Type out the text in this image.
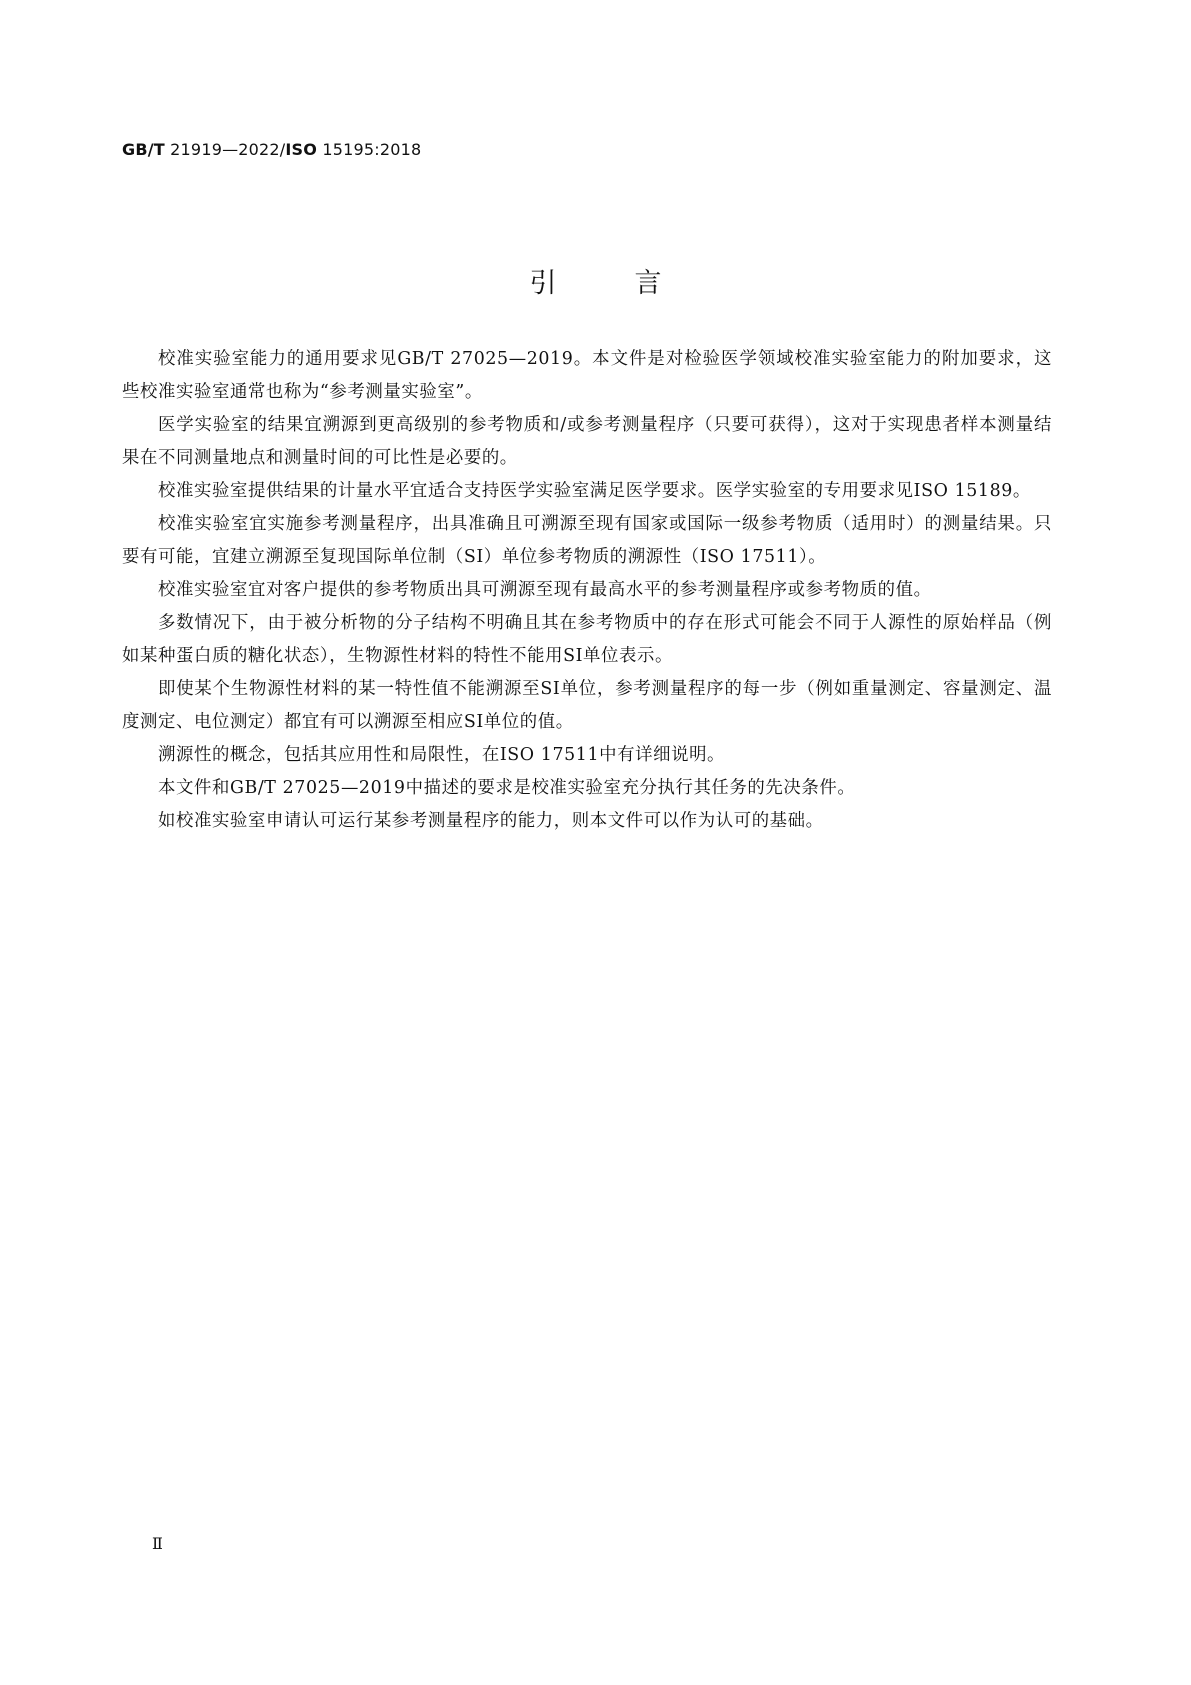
GB/T 21919—2022/ISO 15195:2018
引言

校准实验室能力的通用要求见GB/T 27025—2019。本文件是对检验医学领域校准实验室能力的附加要求，这些校准实验室通常也称为“参考测量实验室”。

医学实验室的结果宜溯源到更高级别的参考物质和/或参考测量程序（只要可获得），这对于实现患者样本测量结果在不同测量地点和测量时间的可比性是必要的。

校准实验室提供结果的计量水平宜适合支持医学实验室满足医学要求。医学实验室的专用要求见ISO 15189。

校准实验室宜实施参考测量程序，出具准确且可溯源至现有国家或国际一级参考物质（适用时）的测量结果。只要有可能，宜建立溯源至复现国际单位制（SI）单位参考物质的溯源性（ISO 17511）。

校准实验室宜对客户提供的参考物质出具可溯源至现有最高水平的参考测量程序或参考物质的值。

多数情况下，由于被分析物的分子结构不明确且其在参考物质中的存在形式可能会不同于人源性的原始样品（例如某种蛋白质的糖化状态），生物源性材料的特性不能用SI单位表示。

即使某个生物源性材料的某一特性值不能溯源至SI单位，参考测量程序的每一步（例如重量测定、容量测定、温度测定、电位测定）都宜有可以溯源至相应SI单位的值。

溯源性的概念，包括其应用性和局限性，在ISO 17511中有详细说明。

本文件和GB/T 27025—2019中描述的要求是校准实验室充分执行其任务的先决条件。

如校准实验室申请认可运行某参考测量程序的能力，则本文件可以作为认可的基础。

Ⅱ
